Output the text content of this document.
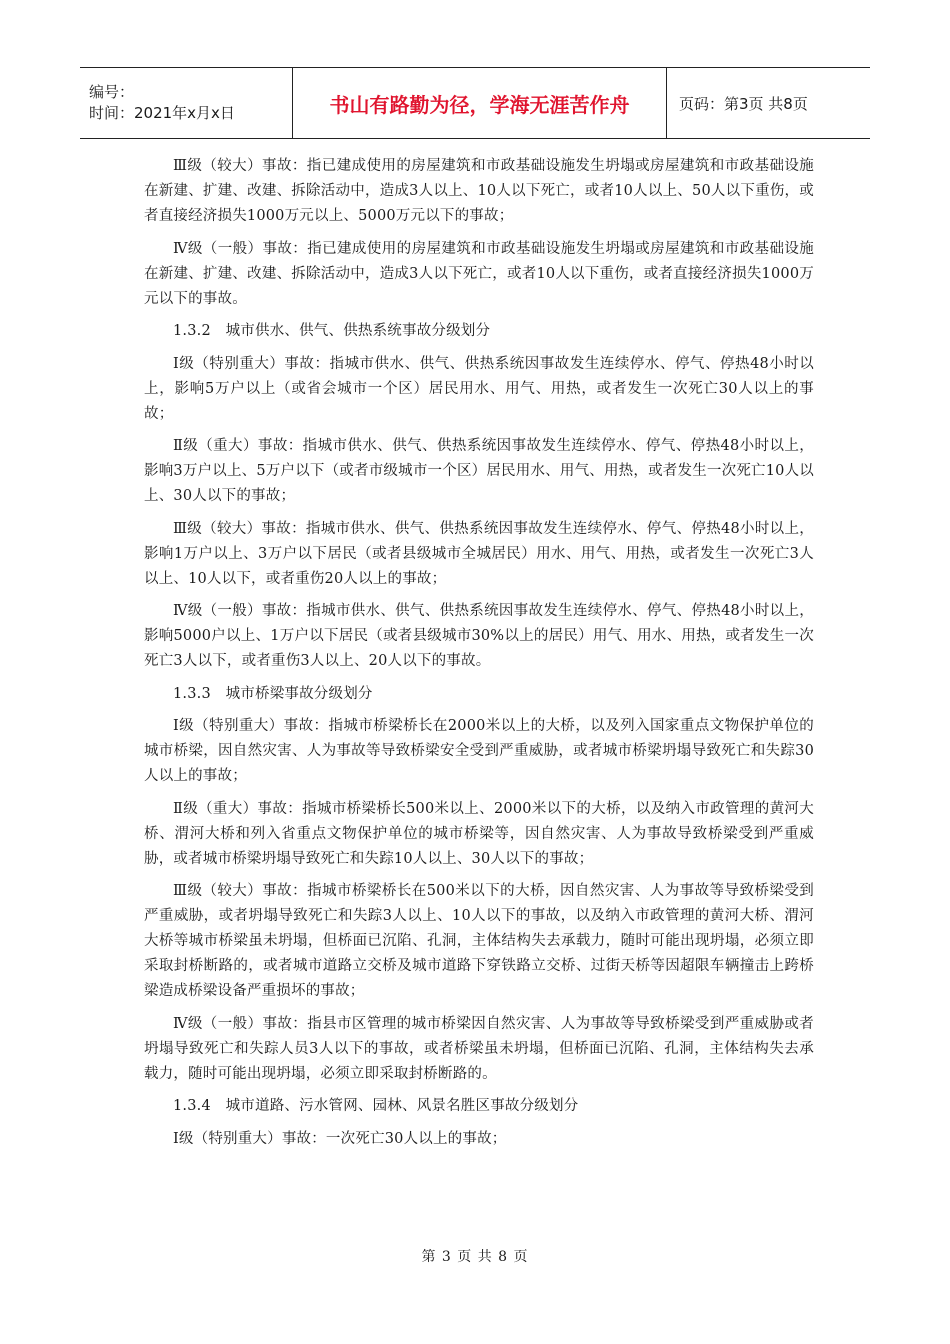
编号：
时间：2021年x月x日	书山有路勤为径，学海无涯苦作舟	页码：第3页 共8页

Ⅲ级（较大）事故：指已建成使用的房屋建筑和市政基础设施发生坍塌或房屋建筑和市政基础设施在新建、扩建、改建、拆除活动中，造成3人以上、10人以下死亡，或者10人以上、50人以下重伤，或者直接经济损失1000万元以上、5000万元以下的事故；

Ⅳ级（一般）事故：指已建成使用的房屋建筑和市政基础设施发生坍塌或房屋建筑和市政基础设施在新建、扩建、改建、拆除活动中，造成3人以下死亡，或者10人以下重伤，或者直接经济损失1000万元以下的事故。

1.3.2　城市供水、供气、供热系统事故分级划分

Ⅰ级（特别重大）事故：指城市供水、供气、供热系统因事故发生连续停水、停气、停热48小时以上，影响5万户以上（或省会城市一个区）居民用水、用气、用热，或者发生一次死亡30人以上的事故；

Ⅱ级（重大）事故：指城市供水、供气、供热系统因事故发生连续停水、停气、停热48小时以上，影响3万户以上、5万户以下（或者市级城市一个区）居民用水、用气、用热，或者发生一次死亡10人以上、30人以下的事故；

Ⅲ级（较大）事故：指城市供水、供气、供热系统因事故发生连续停水、停气、停热48小时以上，影响1万户以上、3万户以下居民（或者县级城市全城居民）用水、用气、用热，或者发生一次死亡3人以上、10人以下，或者重伤20人以上的事故；

Ⅳ级（一般）事故：指城市供水、供气、供热系统因事故发生连续停水、停气、停热48小时以上，影响5000户以上、1万户以下居民（或者县级城市30%以上的居民）用气、用水、用热，或者发生一次死亡3人以下，或者重伤3人以上、20人以下的事故。

1.3.3　城市桥梁事故分级划分

Ⅰ级（特别重大）事故：指城市桥梁桥长在2000米以上的大桥，以及列入国家重点文物保护单位的城市桥梁，因自然灾害、人为事故等导致桥梁安全受到严重威胁，或者城市桥梁坍塌导致死亡和失踪30人以上的事故；

Ⅱ级（重大）事故：指城市桥梁桥长500米以上、2000米以下的大桥，以及纳入市政管理的黄河大桥、渭河大桥和列入省重点文物保护单位的城市桥梁等，因自然灾害、人为事故导致桥梁受到严重威胁，或者城市桥梁坍塌导致死亡和失踪10人以上、30人以下的事故；

Ⅲ级（较大）事故：指城市桥梁桥长在500米以下的大桥，因自然灾害、人为事故等导致桥梁受到严重威胁，或者坍塌导致死亡和失踪3人以上、10人以下的事故，以及纳入市政管理的黄河大桥、渭河大桥等城市桥梁虽未坍塌，但桥面已沉陷、孔洞，主体结构失去承载力，随时可能出现坍塌，必须立即采取封桥断路的，或者城市道路立交桥及城市道路下穿铁路立交桥、过街天桥等因超限车辆撞击上跨桥梁造成桥梁设备严重损坏的事故；

Ⅳ级（一般）事故：指县市区管理的城市桥梁因自然灾害、人为事故等导致桥梁受到严重威胁或者坍塌导致死亡和失踪人员3人以下的事故，或者桥梁虽未坍塌，但桥面已沉陷、孔洞，主体结构失去承载力，随时可能出现坍塌，必须立即采取封桥断路的。

1.3.4　城市道路、污水管网、园林、风景名胜区事故分级划分

Ⅰ级（特别重大）事故：一次死亡30人以上的事故；

第 3 页 共 8 页
